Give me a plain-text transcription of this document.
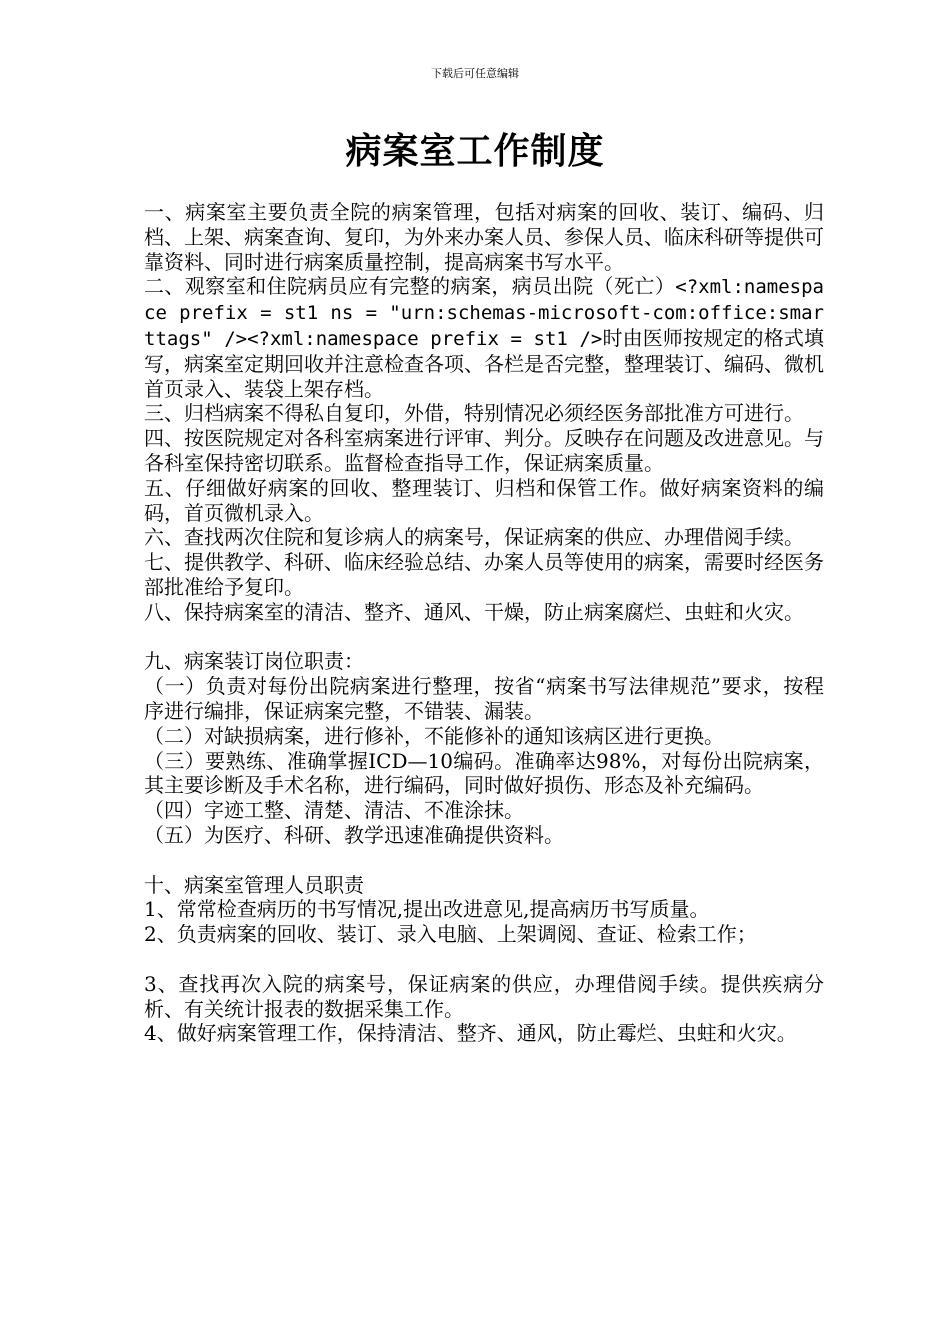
下载后可任意编辑
病案室工作制度

一、病案室主要负责全院的病案管理，包括对病案的回收、装订、编码、归档、上架、病案查询、复印，为外来办案人员、参保人员、临床科研等提供可靠资料、同时进行病案质量控制，提高病案书写水平。

二、观察室和住院病员应有完整的病案，病员出院（死亡）<?xml:namespace prefix = st1 ns = "urn:schemas-microsoft-com:office:smarttags" /><?xml:namespace prefix = st1 />时由医师按规定的格式填写，病案室定期回收并注意检查各项、各栏是否完整，整理装订、编码、微机首页录入、装袋上架存档。

三、归档病案不得私自复印，外借，特别情况必须经医务部批准方可进行。

四、按医院规定对各科室病案进行评审、判分。反映存在问题及改进意见。与各科室保持密切联系。监督检查指导工作，保证病案质量。

五、仔细做好病案的回收、整理装订、归档和保管工作。做好病案资料的编码，首页微机录入。

六、查找两次住院和复诊病人的病案号，保证病案的供应、办理借阅手续。

七、提供教学、科研、临床经验总结、办案人员等使用的病案，需要时经医务部批准给予复印。

八、保持病案室的清洁、整齐、通风、干燥，防止病案腐烂、虫蛀和火灾。

九、病案装订岗位职责：

（一）负责对每份出院病案进行整理，按省“病案书写法律规范”要求，按程序进行编排，保证病案完整，不错装、漏装。

（二）对缺损病案，进行修补，不能修补的通知该病区进行更换。

（三）要熟练、准确掌握ICD—10编码。准确率达98%，对每份出院病案，其主要诊断及手术名称，进行编码，同时做好损伤、形态及补充编码。

（四）字迹工整、清楚、清洁、不准涂抹。

（五）为医疗、科研、教学迅速准确提供资料。

十、病案室管理人员职责

1、常常检查病历的书写情况,提出改进意见,提高病历书写质量。

2、负责病案的回收、装订、录入电脑、上架调阅、查证、检索工作；

3、查找再次入院的病案号，保证病案的供应，办理借阅手续。提供疾病分析、有关统计报表的数据采集工作。

4、做好病案管理工作，保持清洁、整齐、通风，防止霉烂、虫蛀和火灾。
